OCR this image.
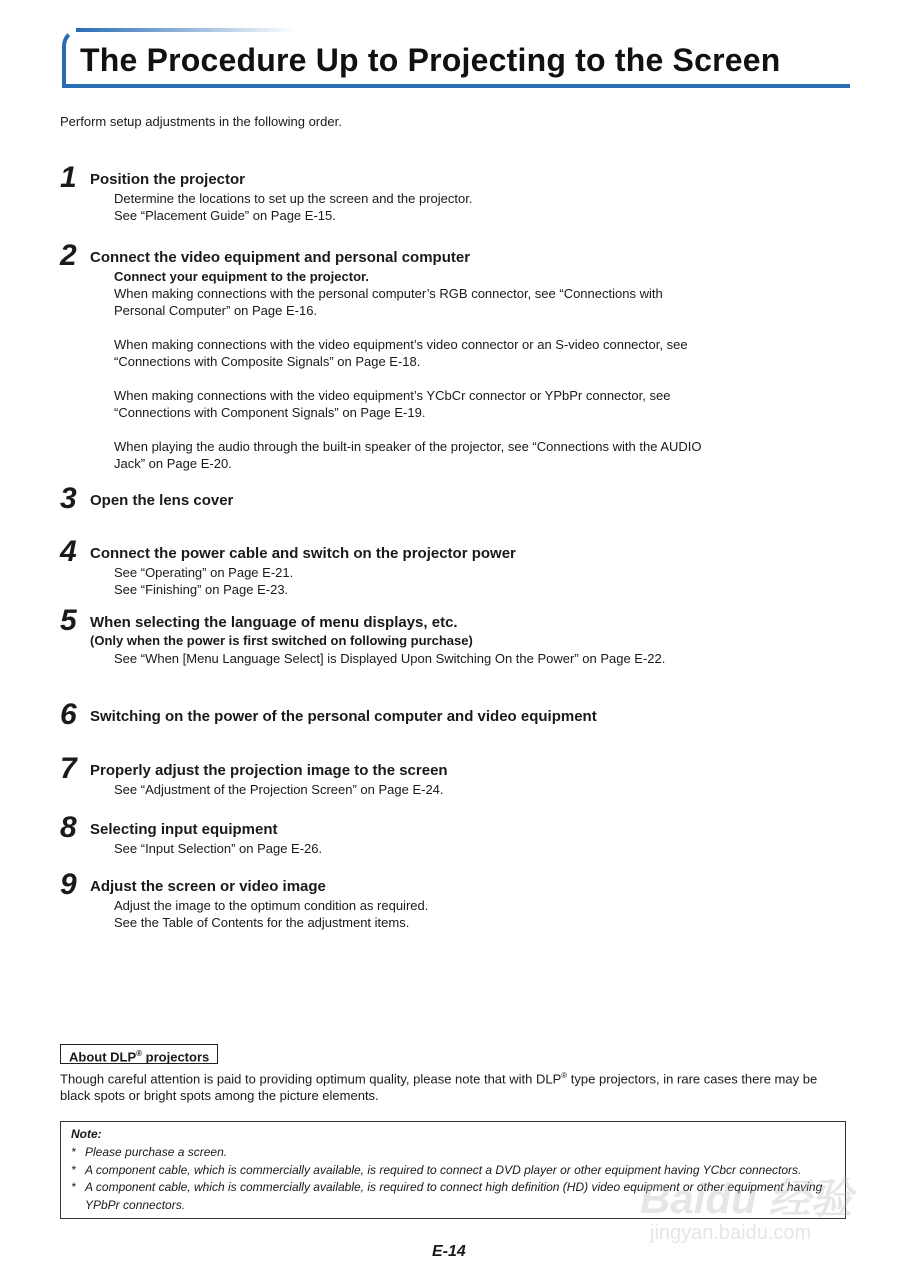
The Procedure Up to Projecting to the Screen
Perform setup adjustments in the following order.
1 Position the projector

Determine the locations to set up the screen and the projector.

See “Placement Guide” on Page E-15.

2 Connect the video equipment and personal computer

Connect your equipment to the projector.

When making connections with the personal computer’s RGB connector, see “Connections with Personal Computer” on Page E-16.

When making connections with the video equipment’s video connector or an S-video connector, see “Connections with Composite Signals” on Page E-18.

When making connections with the video equipment’s YCbCr connector or YPbPr connector, see “Connections with Component Signals” on Page E-19.

When playing the audio through the built-in speaker of the projector, see “Connections with the AUDIO Jack” on Page E-20.

3 Open the lens cover
4 Connect the power cable and switch on the projector power

See “Operating” on Page E-21.

See “Finishing” on Page E-23.

5 When selecting the language of menu displays, etc.
(Only when the power is first switched on following purchase)

See “When [Menu Language Select] is Displayed Upon Switching On the Power” on Page E-22.

6 Switching on the power of the personal computer and video equipment
7 Properly adjust the projection image to the screen

See “Adjustment of the Projection Screen” on Page E-24.

8 Selecting input equipment

See “Input Selection” on Page E-26.

9 Adjust the screen or video image

Adjust the image to the optimum condition as required.

See the Table of Contents for the adjustment items.

About DLP® projectors
Though careful attention is paid to providing optimum quality, please note that with DLP® type projectors, in rare cases there may be black spots or bright spots among the picture elements.
Note:
* Please purchase a screen.
* A component cable, which is commercially available, is required to connect a DVD player or other equipment having YCbcr connectors.
* A component cable, which is commercially available, is required to connect high definition (HD) video equipment or other equipment having YPbPr connectors.
E-14
Baidu 经验
jingyan.baidu.com
